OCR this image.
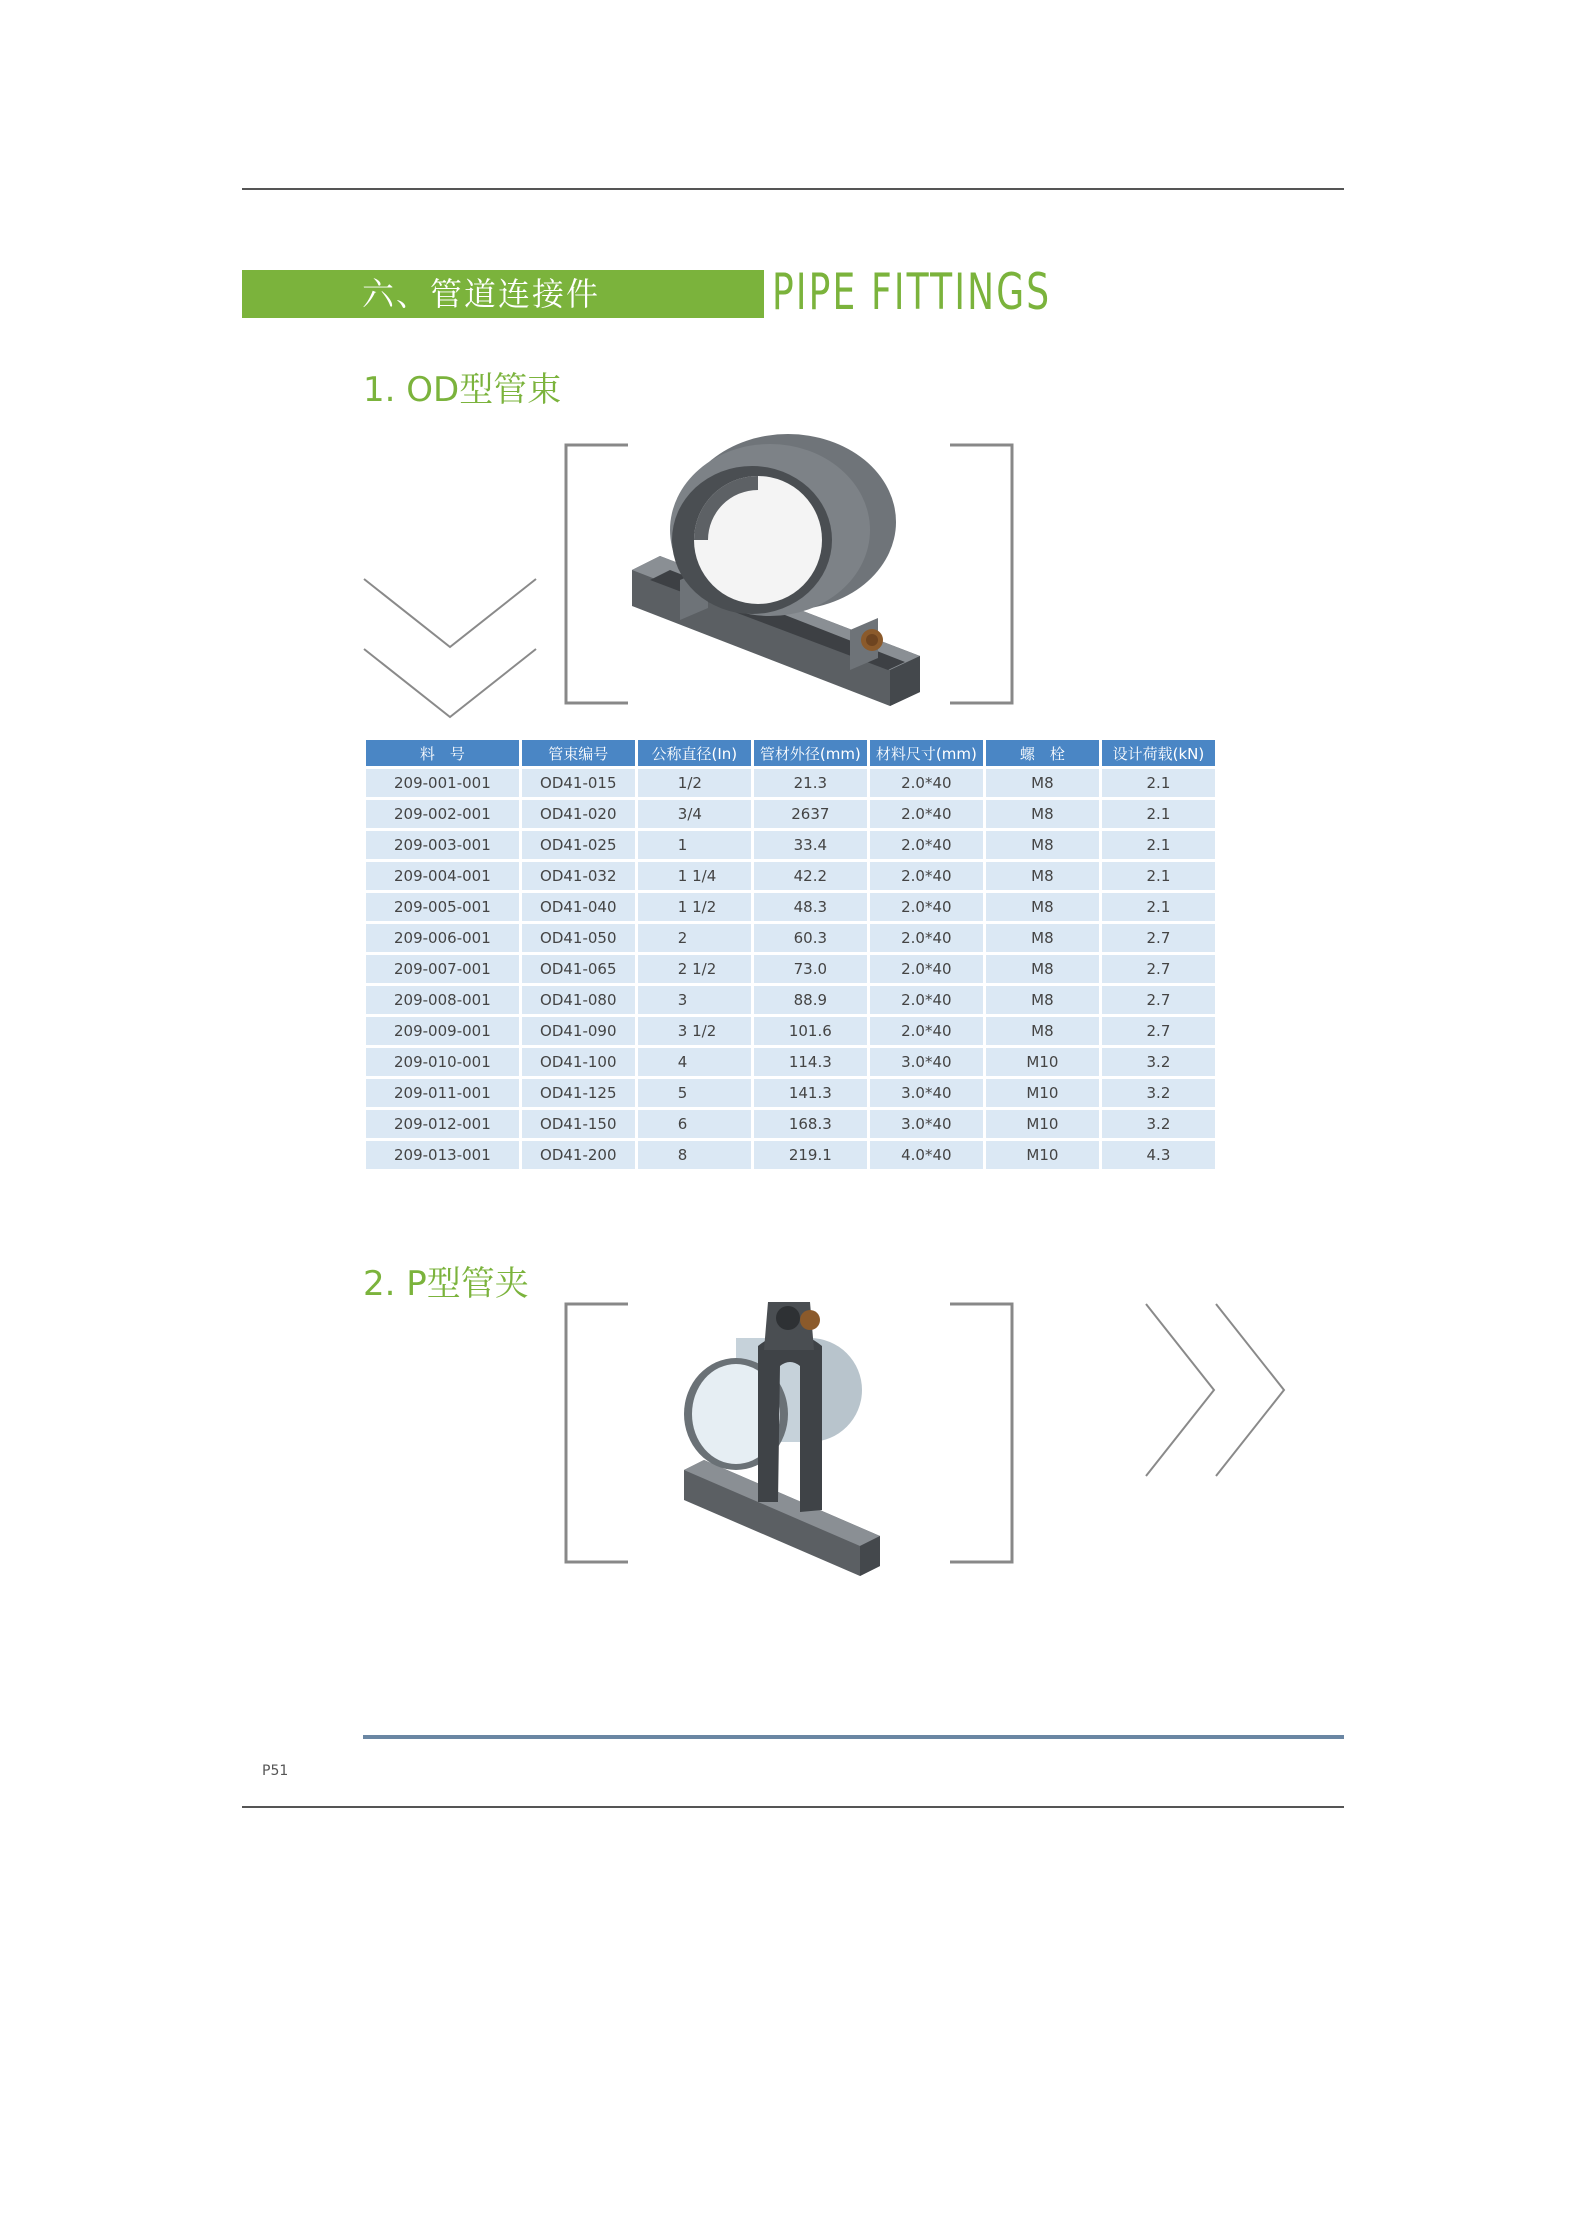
六、管道连接件	PIPE FITTINGS
1. OD型管束
料　号	管束编号	公称直径(In)	管材外径(mm)	材料尺寸(mm)	螺　栓	设计荷载(kN)
209-001-001	OD41-015	1/2	21.3	2.0*40	M8	2.1
209-002-001	OD41-020	3/4	2637	2.0*40	M8	2.1
209-003-001	OD41-025	1	33.4	2.0*40	M8	2.1
209-004-001	OD41-032	1 1/4	42.2	2.0*40	M8	2.1
209-005-001	OD41-040	1 1/2	48.3	2.0*40	M8	2.1
209-006-001	OD41-050	2	60.3	2.0*40	M8	2.7
209-007-001	OD41-065	2 1/2	73.0	2.0*40	M8	2.7
209-008-001	OD41-080	3	88.9	2.0*40	M8	2.7
209-009-001	OD41-090	3 1/2	101.6	2.0*40	M8	2.7
209-010-001	OD41-100	4	114.3	3.0*40	M10	3.2
209-011-001	OD41-125	5	141.3	3.0*40	M10	3.2
209-012-001	OD41-150	6	168.3	3.0*40	M10	3.2
209-013-001	OD41-200	8	219.1	4.0*40	M10	4.3
2. P型管夹
P51
